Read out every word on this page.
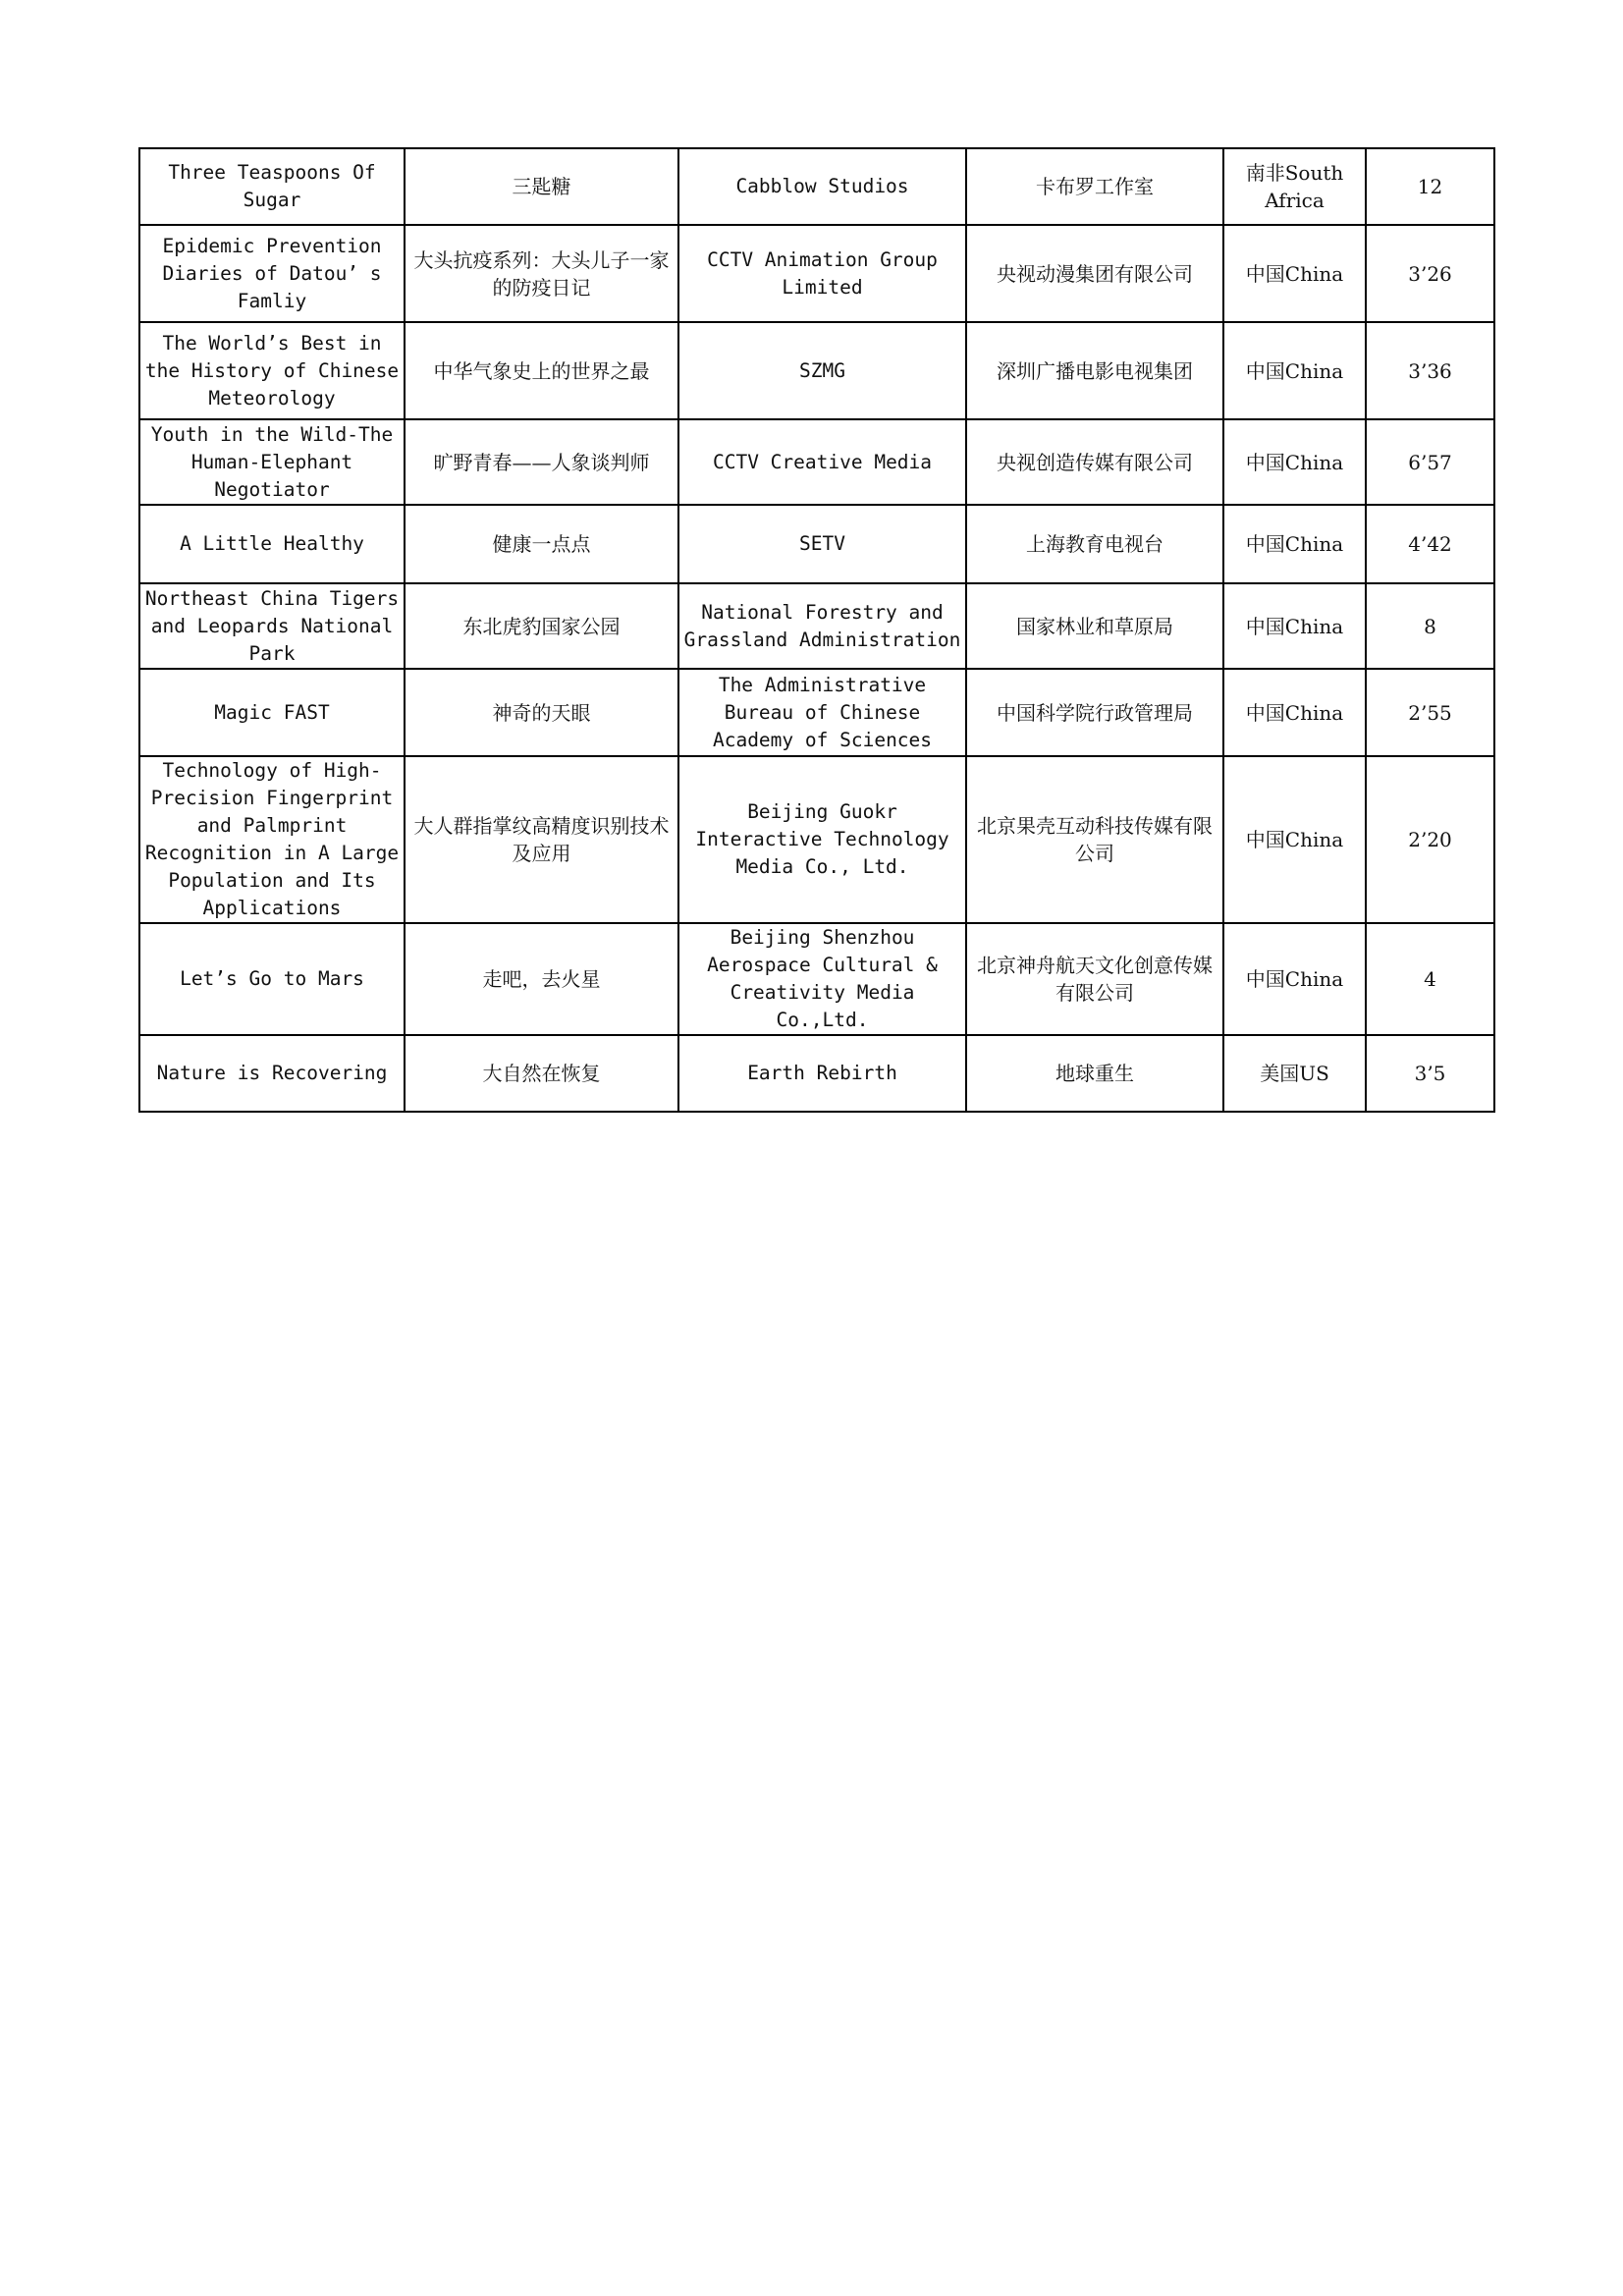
Three Teaspoons Of Sugar	三匙糖	Cabblow Studios	卡布罗工作室	南非South Africa	12
Epidemic Prevention Diaries of Datou’ s Famliy	大头抗疫系列：大头儿子一家的防疫日记	CCTV Animation Group Limited	央视动漫集团有限公司	中国China	3’26
The World’s Best in the History of Chinese Meteorology	中华气象史上的世界之最	SZMG	深圳广播电影电视集团	中国China	3’36
Youth in the Wild-The Human-Elephant Negotiator	旷野青春——人象谈判师	CCTV Creative Media	央视创造传媒有限公司	中国China	6’57
A Little Healthy	健康一点点	SETV	上海教育电视台	中国China	4’42
Northeast China Tigers and Leopards National Park	东北虎豹国家公园	National Forestry and Grassland Administration	国家林业和草原局	中国China	8
Magic FAST	神奇的天眼	The Administrative Bureau of Chinese Academy of Sciences	中国科学院行政管理局	中国China	2’55
Technology of High-Precision Fingerprint and Palmprint Recognition in A Large Population and Its Applications	大人群指掌纹高精度识别技术及应用	Beijing Guokr Interactive Technology Media Co., Ltd.	北京果壳互动科技传媒有限公司	中国China	2’20
Let’s Go to Mars	走吧，去火星	Beijing Shenzhou Aerospace Cultural & Creativity Media Co.,Ltd.	北京神舟航天文化创意传媒有限公司	中国China	4
Nature is Recovering	大自然在恢复	Earth Rebirth	地球重生	美国US	3’5
